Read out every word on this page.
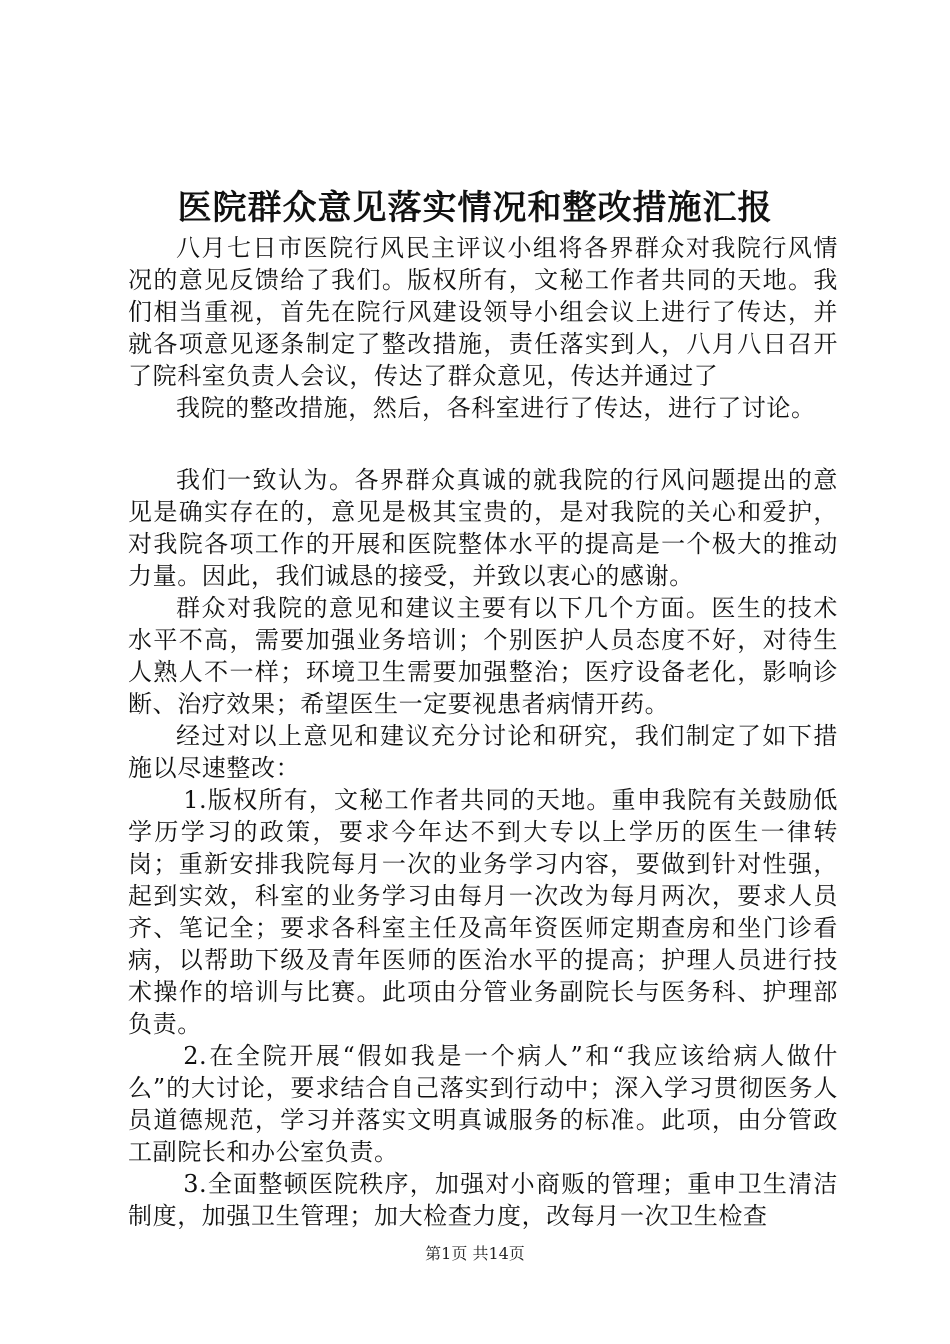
医院群众意见落实情况和整改措施汇报

八月七日市医院行风民主评议小组将各界群众对我院行风情况的意见反馈给了我们。版权所有，文秘工作者共同的天地。我们相当重视，首先在院行风建设领导小组会议上进行了传达，并就各项意见逐条制定了整改措施，责任落实到人，八月八日召开了院科室负责人会议，传达了群众意见，传达并通过了

我院的整改措施，然后，各科室进行了传达，进行了讨论。

我们一致认为。各界群众真诚的就我院的行风问题提出的意见是确实存在的，意见是极其宝贵的，是对我院的关心和爱护，对我院各项工作的开展和医院整体水平的提高是一个极大的推动力量。因此，我们诚恳的接受，并致以衷心的感谢。

群众对我院的意见和建议主要有以下几个方面。医生的技术水平不高，需要加强业务培训；个别医护人员态度不好，对待生人熟人不一样；环境卫生需要加强整治；医疗设备老化，影响诊断、治疗效果；希望医生一定要视患者病情开药。

经过对以上意见和建议充分讨论和研究，我们制定了如下措施以尽速整改：

1.版权所有，文秘工作者共同的天地。重申我院有关鼓励低学历学习的政策，要求今年达不到大专以上学历的医生一律转岗；重新安排我院每月一次的业务学习内容，要做到针对性强，起到实效，科室的业务学习由每月一次改为每月两次，要求人员齐、笔记全；要求各科室主任及高年资医师定期查房和坐门诊看病，以帮助下级及青年医师的医治水平的提高；护理人员进行技术操作的培训与比赛。此项由分管业务副院长与医务科、护理部负责。

2.在全院开展“假如我是一个病人”和“我应该给病人做什么”的大讨论，要求结合自己落实到行动中；深入学习贯彻医务人员道德规范，学习并落实文明真诚服务的标准。此项，由分管政工副院长和办公室负责。

3.全面整顿医院秩序，加强对小商贩的管理；重申卫生清洁制度，加强卫生管理；加大检查力度，改每月一次卫生检查

第1页 共14页
